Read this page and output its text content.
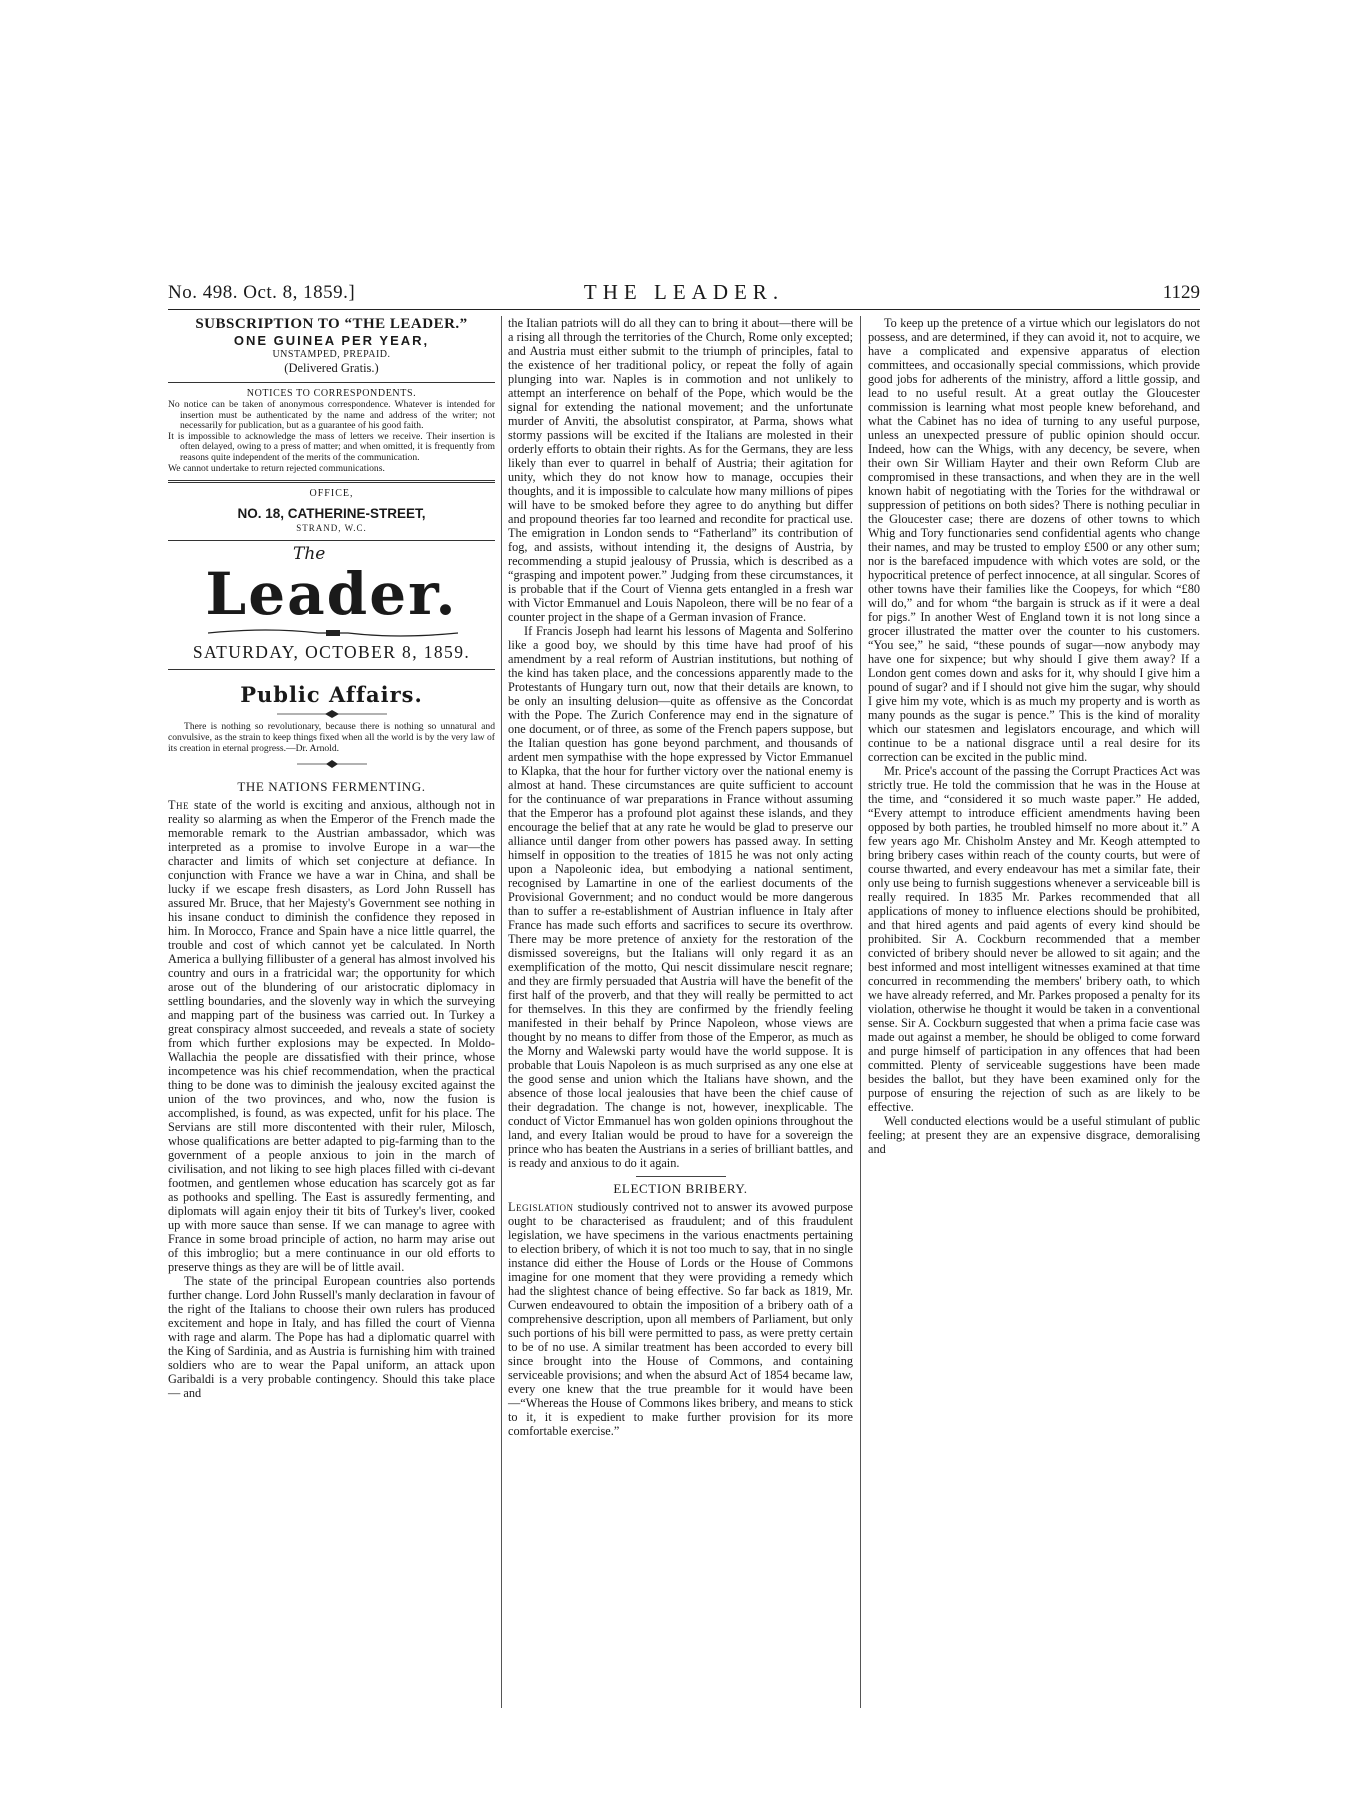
No. 498. Oct. 8, 1859.]	THE LEADER.	1129
SUBSCRIPTION TO “THE LEADER.”
ONE GUINEA PER YEAR,
UNSTAMPED, PREPAID.
(Delivered Gratis.)
NOTICES TO CORRESPONDENTS.

No notice can be taken of anonymous correspondence. Whatever is intended for insertion must be authenticated by the name and address of the writer; not necessarily for publication, but as a guarantee of his good faith.

It is impossible to acknowledge the mass of letters we receive. Their insertion is often delayed, owing to a press of matter; and when omitted, it is frequently from reasons quite independent of the merits of the communication.

We cannot undertake to return rejected communications.

OFFICE,
NO. 18, CATHERINE-STREET,
STRAND, W.C.
The
Leader.
SATURDAY, OCTOBER 8, 1859.
Public Affairs.

There is nothing so revolutionary, because there is nothing so unnatural and convulsive, as the strain to keep things fixed when all the world is by the very law of its creation in eternal progress.—Dr. Arnold.

THE NATIONS FERMENTING.

The state of the world is exciting and anxious, although not in reality so alarming as when the Emperor of the French made the memorable remark to the Austrian ambassador, which was interpreted as a promise to involve Europe in a war—the character and limits of which set conjecture at defiance. In conjunction with France we have a war in China, and shall be lucky if we escape fresh disasters, as Lord John Russell has assured Mr. Bruce, that her Majesty's Government see nothing in his insane conduct to diminish the confidence they reposed in him. In Morocco, France and Spain have a nice little quarrel, the trouble and cost of which cannot yet be calculated. In North America a bullying fillibuster of a general has almost involved his country and ours in a fratricidal war; the opportunity for which arose out of the blundering of our aristocratic diplomacy in settling boundaries, and the slovenly way in which the surveying and mapping part of the business was carried out. In Turkey a great conspiracy almost succeeded, and reveals a state of society from which further explosions may be expected. In Moldo-Wallachia the people are dissatisfied with their prince, whose incompetence was his chief recommendation, when the practical thing to be done was to diminish the jealousy excited against the union of the two provinces, and who, now the fusion is accomplished, is found, as was expected, unfit for his place. The Servians are still more discontented with their ruler, Milosch, whose qualifications are better adapted to pig-farming than to the government of a people anxious to join in the march of civilisation, and not liking to see high places filled with ci-devant footmen, and gentlemen whose education has scarcely got as far as pothooks and spelling. The East is assuredly fermenting, and diplomats will again enjoy their tit bits of Turkey's liver, cooked up with more sauce than sense. If we can manage to agree with France in some broad principle of action, no harm may arise out of this imbroglio; but a mere continuance in our old efforts to preserve things as they are will be of little avail.

The state of the principal European countries also portends further change. Lord John Russell's manly declaration in favour of the right of the Italians to choose their own rulers has produced excitement and hope in Italy, and has filled the court of Vienna with rage and alarm. The Pope has had a diplomatic quarrel with the King of Sardinia, and as Austria is furnishing him with trained soldiers who are to wear the Papal uniform, an attack upon Garibaldi is a very probable contingency. Should this take place — and

the Italian patriots will do all they can to bring it about—there will be a rising all through the territories of the Church, Rome only excepted; and Austria must either submit to the triumph of principles, fatal to the existence of her traditional policy, or repeat the folly of again plunging into war. Naples is in commotion and not unlikely to attempt an interference on behalf of the Pope, which would be the signal for extending the national movement; and the unfortunate murder of Anviti, the absolutist conspirator, at Parma, shows what stormy passions will be excited if the Italians are molested in their orderly efforts to obtain their rights. As for the Germans, they are less likely than ever to quarrel in behalf of Austria; their agitation for unity, which they do not know how to manage, occupies their thoughts, and it is impossible to calculate how many millions of pipes will have to be smoked before they agree to do anything but differ and propound theories far too learned and recondite for practical use. The emigration in London sends to “Fatherland” its contribution of fog, and assists, without intending it, the designs of Austria, by recommending a stupid jealousy of Prussia, which is described as a “grasping and impotent power.” Judging from these circumstances, it is probable that if the Court of Vienna gets entangled in a fresh war with Victor Emmanuel and Louis Napoleon, there will be no fear of a counter project in the shape of a German invasion of France.

If Francis Joseph had learnt his lessons of Magenta and Solferino like a good boy, we should by this time have had proof of his amendment by a real reform of Austrian institutions, but nothing of the kind has taken place, and the concessions apparently made to the Protestants of Hungary turn out, now that their details are known, to be only an insulting delusion—quite as offensive as the Concordat with the Pope. The Zurich Conference may end in the signature of one document, or of three, as some of the French papers suppose, but the Italian question has gone beyond parchment, and thousands of ardent men sympathise with the hope expressed by Victor Emmanuel to Klapka, that the hour for further victory over the national enemy is almost at hand. These circumstances are quite sufficient to account for the continuance of war preparations in France without assuming that the Emperor has a profound plot against these islands, and they encourage the belief that at any rate he would be glad to preserve our alliance until danger from other powers has passed away. In setting himself in opposition to the treaties of 1815 he was not only acting upon a Napoleonic idea, but embodying a national sentiment, recognised by Lamartine in one of the earliest documents of the Provisional Government; and no conduct would be more dangerous than to suffer a re-establishment of Austrian influence in Italy after France has made such efforts and sacrifices to secure its overthrow. There may be more pretence of anxiety for the restoration of the dismissed sovereigns, but the Italians will only regard it as an exemplification of the motto, Qui nescit dissimulare nescit regnare; and they are firmly persuaded that Austria will have the benefit of the first half of the proverb, and that they will really be permitted to act for themselves. In this they are confirmed by the friendly feeling manifested in their behalf by Prince Napoleon, whose views are thought by no means to differ from those of the Emperor, as much as the Morny and Walewski party would have the world suppose. It is probable that Louis Napoleon is as much surprised as any one else at the good sense and union which the Italians have shown, and the absence of those local jealousies that have been the chief cause of their degradation. The change is not, however, inexplicable. The conduct of Victor Emmanuel has won golden opinions throughout the land, and every Italian would be proud to have for a sovereign the prince who has beaten the Austrians in a series of brilliant battles, and is ready and anxious to do it again.

ELECTION BRIBERY.

Legislation studiously contrived not to answer its avowed purpose ought to be characterised as fraudulent; and of this fraudulent legislation, we have specimens in the various enactments pertaining to election bribery, of which it is not too much to say, that in no single instance did either the House of Lords or the House of Commons imagine for one moment that they were providing a remedy which had the slightest chance of being effective. So far back as 1819, Mr. Curwen endeavoured to obtain the imposition of a bribery oath of a comprehensive description, upon all members of Parliament, but only such portions of his bill were permitted to pass, as were pretty certain to be of no use. A similar treatment has been accorded to every bill since brought into the House of Commons, and containing serviceable provisions; and when the absurd Act of 1854 became law, every one knew that the true preamble for it would have been—“Whereas the House of Commons likes bribery, and means to stick to it, it is expedient to make further provision for its more comfortable exercise.”

To keep up the pretence of a virtue which our legislators do not possess, and are determined, if they can avoid it, not to acquire, we have a complicated and expensive apparatus of election committees, and occasionally special commissions, which provide good jobs for adherents of the ministry, afford a little gossip, and lead to no useful result. At a great outlay the Gloucester commission is learning what most people knew beforehand, and what the Cabinet has no idea of turning to any useful purpose, unless an unexpected pressure of public opinion should occur. Indeed, how can the Whigs, with any decency, be severe, when their own Sir William Hayter and their own Reform Club are compromised in these transactions, and when they are in the well known habit of negotiating with the Tories for the withdrawal or suppression of petitions on both sides? There is nothing peculiar in the Gloucester case; there are dozens of other towns to which Whig and Tory functionaries send confidential agents who change their names, and may be trusted to employ £500 or any other sum; nor is the barefaced impudence with which votes are sold, or the hypocritical pretence of perfect innocence, at all singular. Scores of other towns have their families like the Coopeys, for which “£80 will do,” and for whom “the bargain is struck as if it were a deal for pigs.” In another West of England town it is not long since a grocer illustrated the matter over the counter to his customers. “You see,” he said, “these pounds of sugar—now anybody may have one for sixpence; but why should I give them away? If a London gent comes down and asks for it, why should I give him a pound of sugar? and if I should not give him the sugar, why should I give him my vote, which is as much my property and is worth as many pounds as the sugar is pence.” This is the kind of morality which our statesmen and legislators encourage, and which will continue to be a national disgrace until a real desire for its correction can be excited in the public mind.

Mr. Price's account of the passing the Corrupt Practices Act was strictly true. He told the commission that he was in the House at the time, and “considered it so much waste paper.” He added, “Every attempt to introduce efficient amendments having been opposed by both parties, he troubled himself no more about it.” A few years ago Mr. Chisholm Anstey and Mr. Keogh attempted to bring bribery cases within reach of the county courts, but were of course thwarted, and every endeavour has met a similar fate, their only use being to furnish suggestions whenever a serviceable bill is really required. In 1835 Mr. Parkes recommended that all applications of money to influence elections should be prohibited, and that hired agents and paid agents of every kind should be prohibited. Sir A. Cockburn recommended that a member convicted of bribery should never be allowed to sit again; and the best informed and most intelligent witnesses examined at that time concurred in recommending the members' bribery oath, to which we have already referred, and Mr. Parkes proposed a penalty for its violation, otherwise he thought it would be taken in a conventional sense. Sir A. Cockburn suggested that when a prima facie case was made out against a member, he should be obliged to come forward and purge himself of participation in any offences that had been committed. Plenty of serviceable suggestions have been made besides the ballot, but they have been examined only for the purpose of ensuring the rejection of such as are likely to be effective.

Well conducted elections would be a useful stimulant of public feeling; at present they are an expensive disgrace, demoralising and
